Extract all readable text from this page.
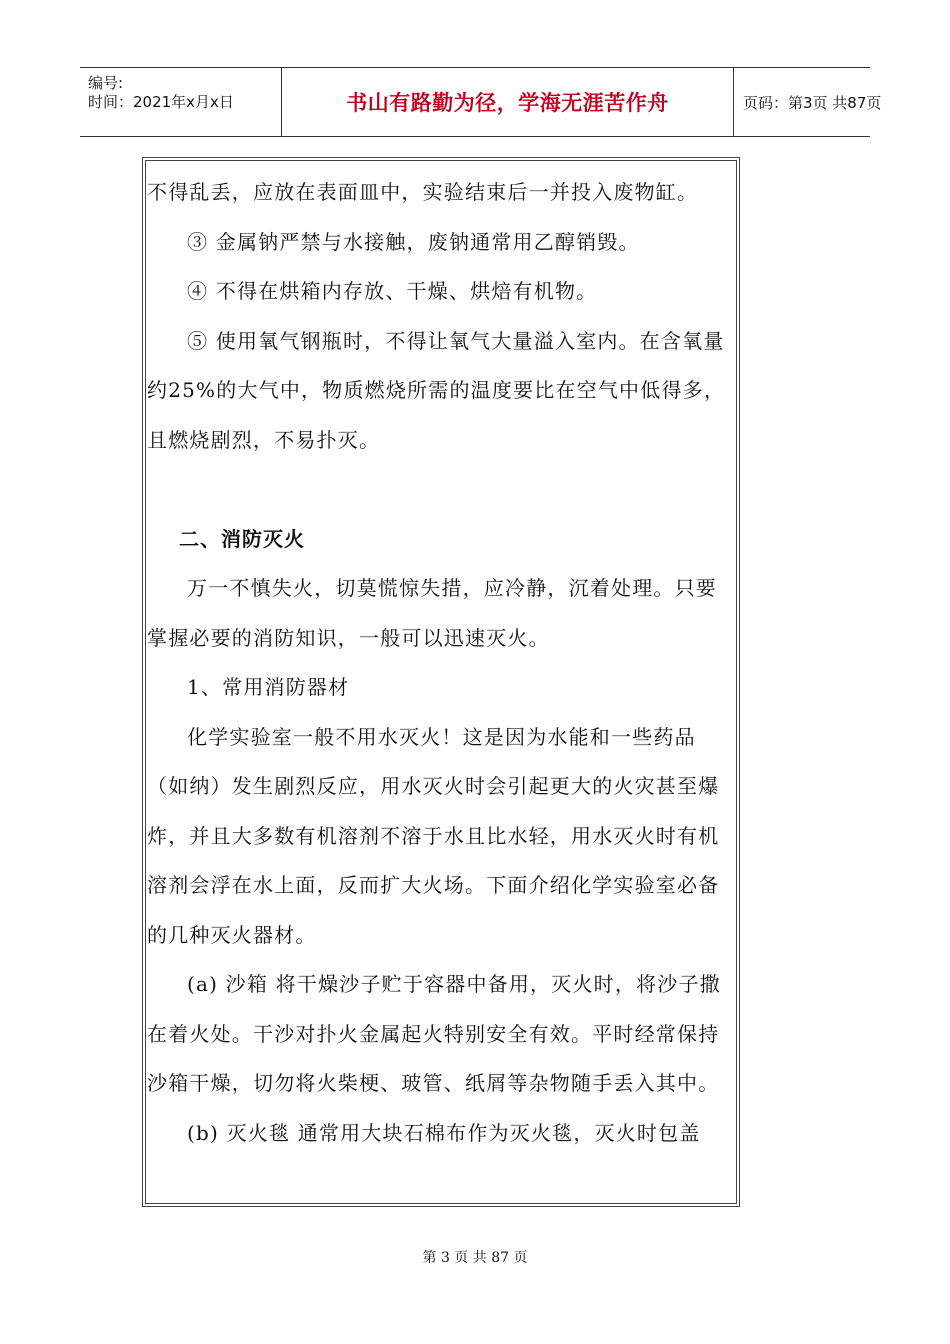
编号:
时间：2021年x月x日	书山有路勤为径，学海无涯苦作舟	页码：第3页 共87页

不得乱丢，应放在表面皿中，实验结束后一并投入废物缸。

③ 金属钠严禁与水接触，废钠通常用乙醇销毁。

④ 不得在烘箱内存放、干燥、烘焙有机物。

⑤ 使用氧气钢瓶时，不得让氧气大量溢入室内。在含氧量约25%的大气中，物质燃烧所需的温度要比在空气中低得多，且燃烧剧烈，不易扑灭。

二、消防灭火

万一不慎失火，切莫慌惊失措，应冷静，沉着处理。只要掌握必要的消防知识，一般可以迅速灭火。

1、常用消防器材

化学实验室一般不用水灭火！这是因为水能和一些药品（如纳）发生剧烈反应，用水灭火时会引起更大的火灾甚至爆炸，并且大多数有机溶剂不溶于水且比水轻，用水灭火时有机溶剂会浮在水上面，反而扩大火场。下面介绍化学实验室必备的几种灭火器材。

(a) 沙箱 将干燥沙子贮于容器中备用，灭火时，将沙子撒在着火处。干沙对扑火金属起火特别安全有效。平时经常保持沙箱干燥，切勿将火柴梗、玻管、纸屑等杂物随手丢入其中。

(b) 灭火毯 通常用大块石棉布作为灭火毯，灭火时包盖

第 3 页 共 87 页
